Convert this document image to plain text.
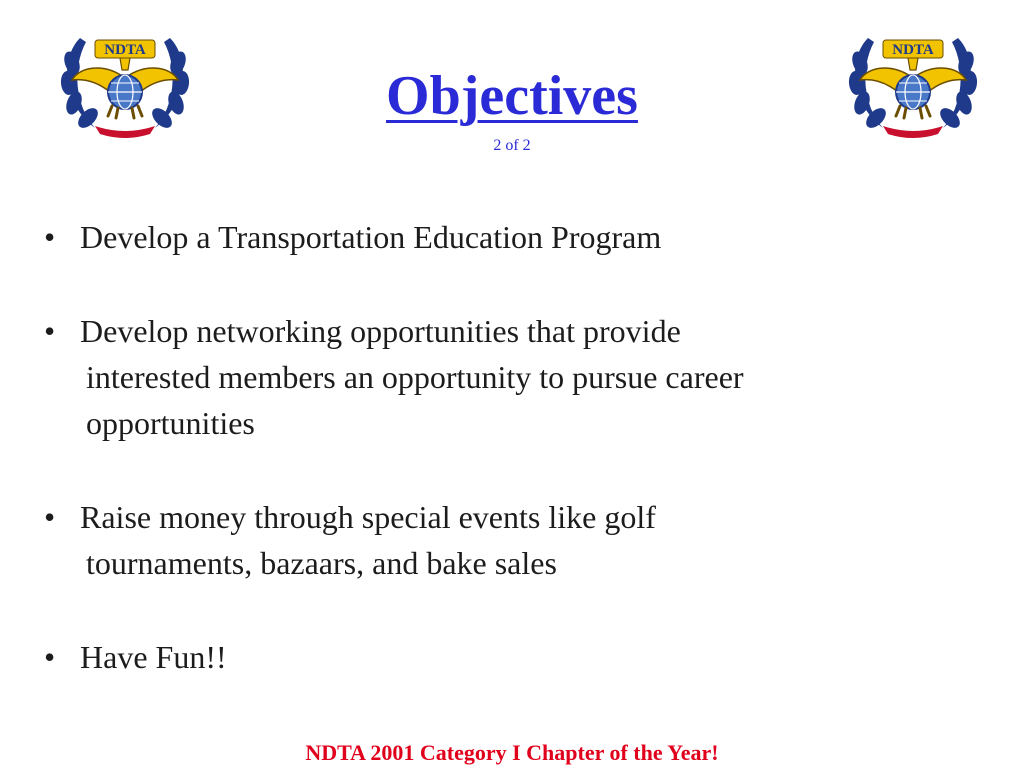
NDTA	NDTA
Objectives
2 of 2
• Develop a Transportation Education Program
• Develop networking opportunities that provide
interested members an opportunity to pursue career
opportunities
• Raise money through special events like golf
tournaments, bazaars, and bake sales
• Have Fun!!
NDTA 2001 Category I Chapter of the Year!
